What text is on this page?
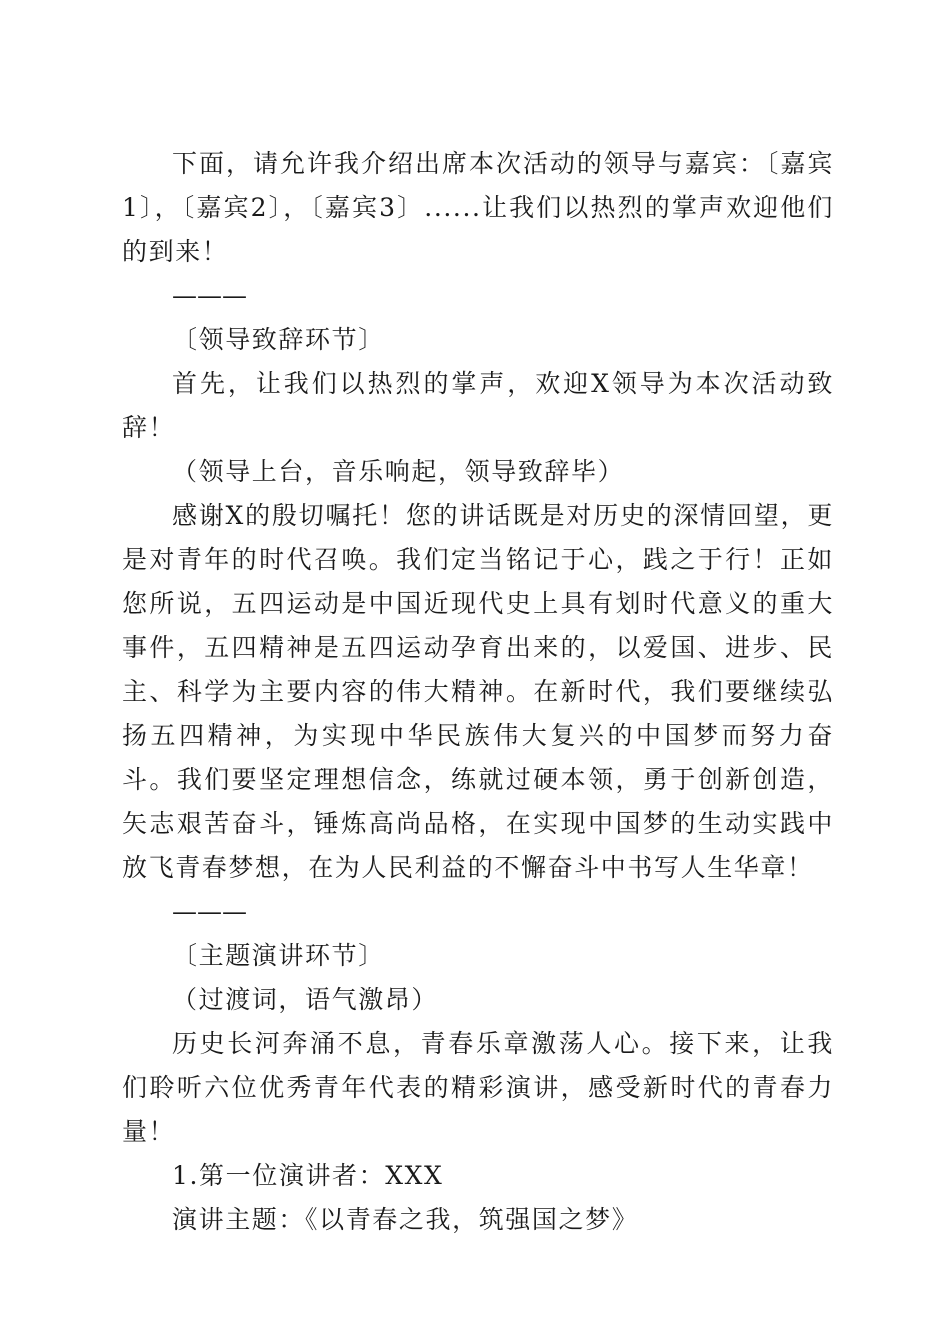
下面，请允许我介绍出席本次活动的领导与嘉宾：〔嘉宾1〕，〔嘉宾2〕，〔嘉宾3〕......让我们以热烈的掌声欢迎他们的到来！

———

〔领导致辞环节〕

首先，让我们以热烈的掌声，欢迎X领导为本次活动致辞！

（领导上台，音乐响起，领导致辞毕）

感谢X的殷切嘱托！您的讲话既是对历史的深情回望，更是对青年的时代召唤。我们定当铭记于心，践之于行！正如您所说，五四运动是中国近现代史上具有划时代意义的重大事件，五四精神是五四运动孕育出来的，以爱国、进步、民主、科学为主要内容的伟大精神。在新时代，我们要继续弘扬五四精神，为实现中华民族伟大复兴的中国梦而努力奋斗。我们要坚定理想信念，练就过硬本领，勇于创新创造，矢志艰苦奋斗，锤炼高尚品格，在实现中国梦的生动实践中放飞青春梦想，在为人民利益的不懈奋斗中书写人生华章！

———

〔主题演讲环节〕

（过渡词，语气激昂）

历史长河奔涌不息，青春乐章激荡人心。接下来，让我们聆听六位优秀青年代表的精彩演讲，感受新时代的青春力量！

1.第一位演讲者：XXX

演讲主题：《以青春之我，筑强国之梦》
